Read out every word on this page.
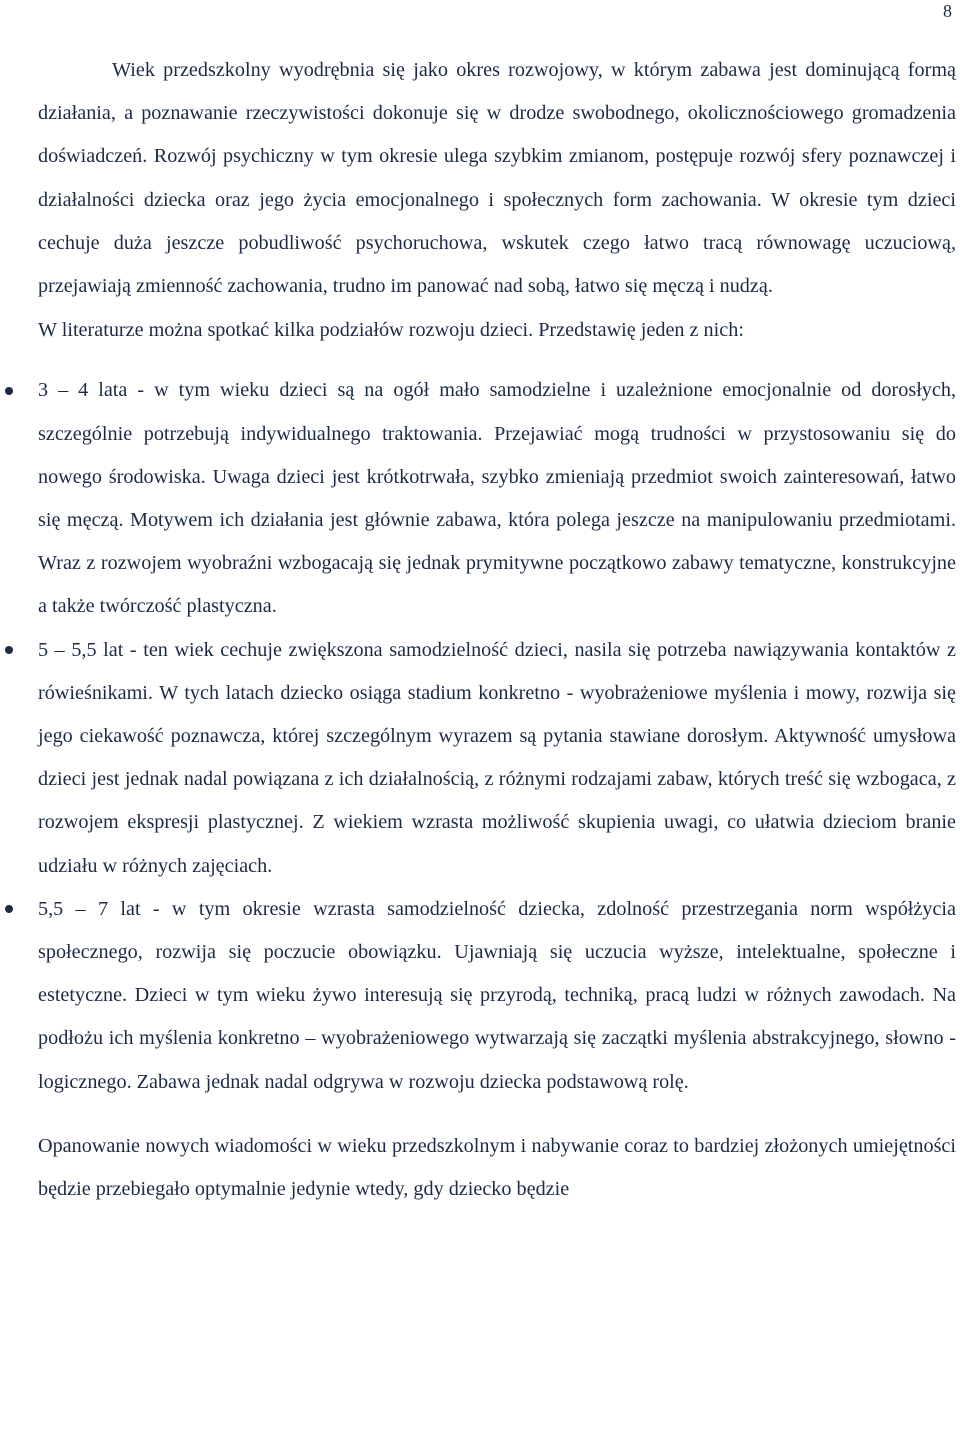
8

Wiek przedszkolny wyodrębnia się jako okres rozwojowy, w którym zabawa jest dominującą formą działania, a poznawanie rzeczywistości dokonuje się w drodze swobodnego, okolicznościowego gromadzenia doświadczeń. Rozwój psychiczny w tym okresie ulega szybkim zmianom, postępuje rozwój sfery poznawczej i działalności dziecka oraz jego życia emocjonalnego i społecznych form zachowania. W okresie tym dzieci cechuje duża jeszcze pobudliwość psychoruchowa, wskutek czego łatwo tracą równowagę uczuciową, przejawiają zmienność zachowania, trudno im panować nad sobą, łatwo się męczą i nudzą.

W literaturze można spotkać kilka podziałów rozwoju dzieci. Przedstawię jeden z nich:

3 – 4 lata - w tym wieku dzieci są na ogół mało samodzielne i uzależnione emocjonalnie od dorosłych, szczególnie potrzebują indywidualnego traktowania. Przejawiać mogą trudności w przystosowaniu się do nowego środowiska. Uwaga dzieci jest krótkotrwała, szybko zmieniają przedmiot swoich zainteresowań, łatwo się męczą. Motywem ich działania jest głównie zabawa, która polega jeszcze na manipulowaniu przedmiotami. Wraz z rozwojem wyobraźni wzbogacają się jednak prymitywne początkowo zabawy tematyczne, konstrukcyjne a także twórczość plastyczna.
5 – 5,5 lat - ten wiek cechuje zwiększona samodzielność dzieci, nasila się potrzeba nawiązywania kontaktów z rówieśnikami. W tych latach dziecko osiąga stadium konkretno - wyobrażeniowe myślenia i mowy, rozwija się jego ciekawość poznawcza, której szczególnym wyrazem są pytania stawiane dorosłym. Aktywność umysłowa dzieci jest jednak nadal powiązana z ich działalnością, z różnymi rodzajami zabaw, których treść się wzbogaca, z rozwojem ekspresji plastycznej. Z wiekiem wzrasta możliwość skupienia uwagi, co ułatwia dzieciom branie udziału w różnych zajęciach.
5,5 – 7 lat - w tym okresie wzrasta samodzielność dziecka, zdolność przestrzegania norm współżycia społecznego, rozwija się poczucie obowiązku. Ujawniają się uczucia wyższe, intelektualne, społeczne i estetyczne. Dzieci w tym wieku żywo interesują się przyrodą, techniką, pracą ludzi w różnych zawodach. Na podłożu ich myślenia konkretno – wyobrażeniowego wytwarzają się zaczątki myślenia abstrakcyjnego, słowno - logicznego. Zabawa jednak nadal odgrywa w rozwoju dziecka podstawową rolę.

Opanowanie nowych wiadomości w wieku przedszkolnym i nabywanie coraz to bardziej złożonych umiejętności będzie przebiegało optymalnie jedynie wtedy, gdy dziecko będzie
